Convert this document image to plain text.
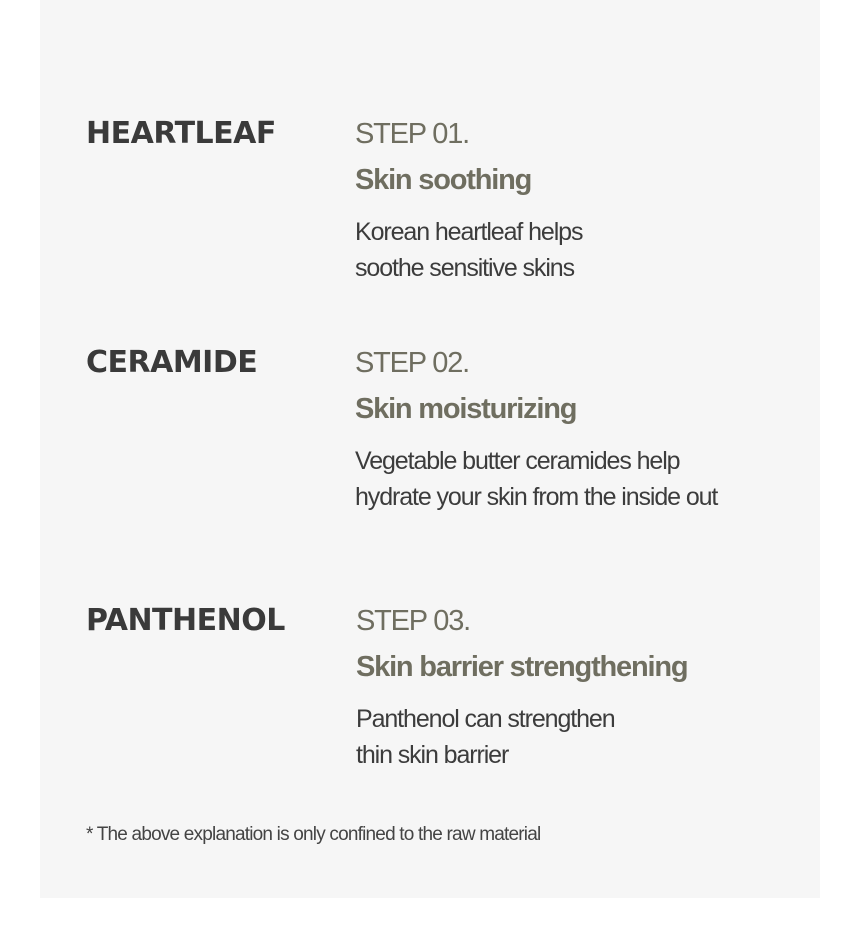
HEARTLEAF	STEP 01.
Skin soothing
Korean heartleaf helps
soothe sensitive skins
CERAMIDE	STEP 02.
Skin moisturizing
Vegetable butter ceramides help
hydrate your skin from the inside out
PANTHENOL STEP 03.
Skin barrier strengthening
Panthenol can strengthen
thin skin barrier
* The above explanation is only confined to the raw material
